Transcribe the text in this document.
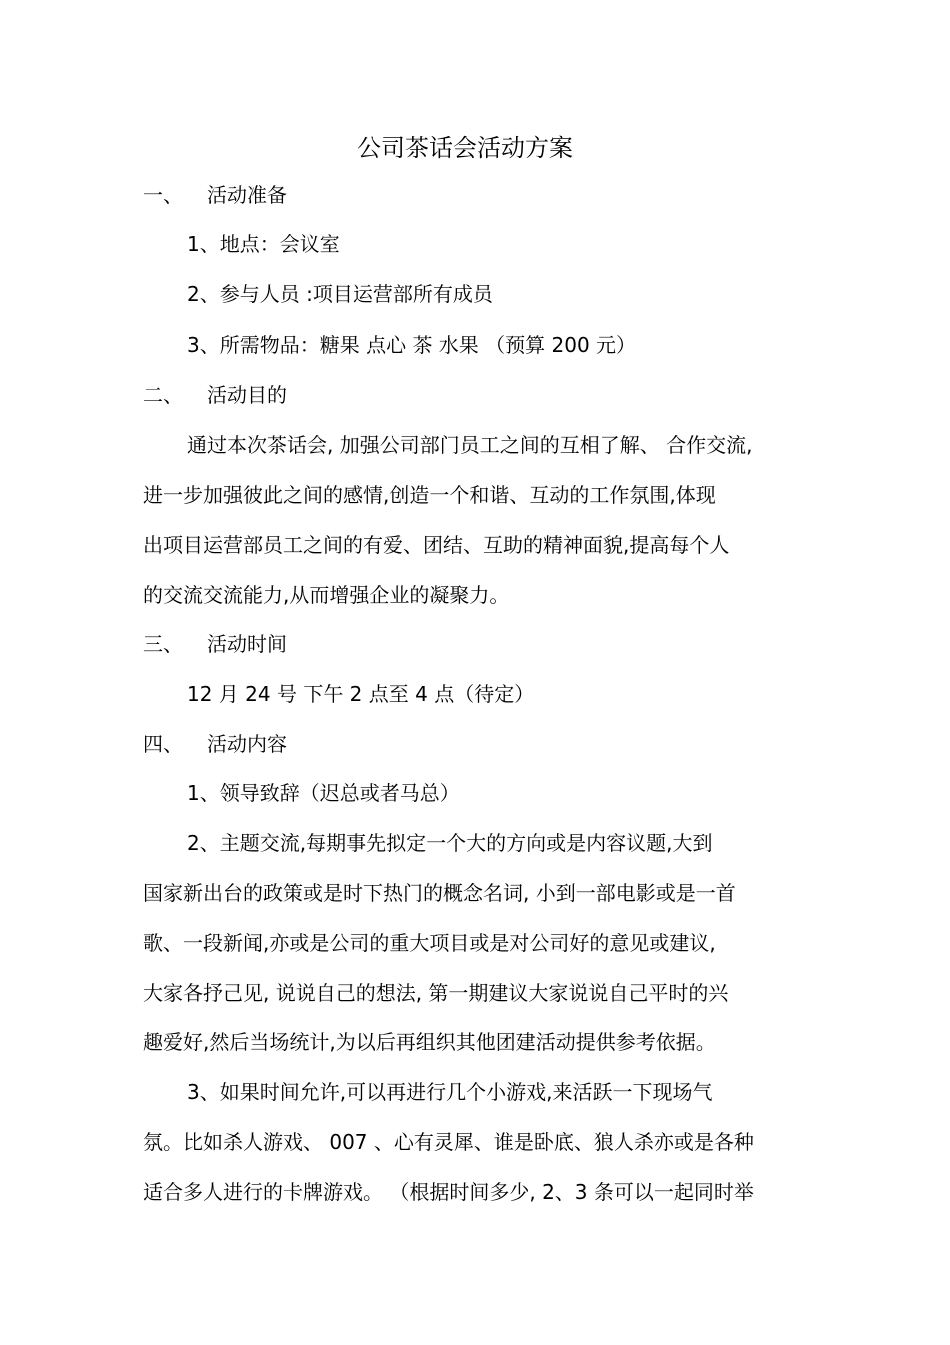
公司茶话会活动方案
一、 活动准备
1、地点：会议室
2、参与人员 :项目运营部所有成员
3、所需物品：糖果 点心 茶 水果 （预算 200 元）
二、 活动目的
通过本次茶话会, 加强公司部门员工之间的互相了解、 合作交流,
进一步加强彼此之间的感情,创造一个和谐、互动的工作氛围,体现
出项目运营部员工之间的有爱、团结、互助的精神面貌,提高每个人
的交流交流能力,从而增强企业的凝聚力。
三、 活动时间
12 月 24 号 下午 2 点至 4 点（待定）
四、 活动内容
1、领导致辞（迟总或者马总）
2、主题交流,每期事先拟定一个大的方向或是内容议题,大到
国家新出台的政策或是时下热门的概念名词, 小到一部电影或是一首
歌、一段新闻,亦或是公司的重大项目或是对公司好的意见或建议,
大家各抒己见, 说说自己的想法, 第一期建议大家说说自己平时的兴
趣爱好,然后当场统计,为以后再组织其他团建活动提供参考依据。
3、如果时间允许,可以再进行几个小游戏,来活跃一下现场气
氛。比如杀人游戏、 007 、心有灵犀、谁是卧底、狼人杀亦或是各种
适合多人进行的卡牌游戏。 （根据时间多少, 2、3 条可以一起同时举
